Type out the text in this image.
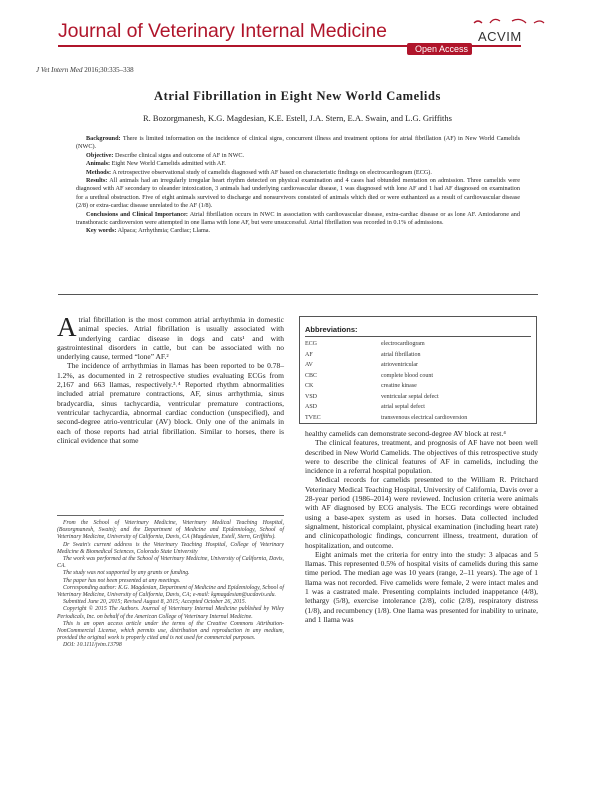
Journal of Veterinary Internal Medicine
Open Access
ACVIM
J Vet Intern Med 2016;30:335–338
Atrial Fibrillation in Eight New World Camelids
R. Bozorgmanesh, K.G. Magdesian, K.E. Estell, J.A. Stern, E.A. Swain, and L.G. Griffiths

Background: There is limited information on the incidence of clinical signs, concurrent illness and treatment options for atrial fibrillation (AF) in New World Camelids (NWC).

Objective: Describe clinical signs and outcome of AF in NWC.

Animals: Eight New World Camelids admitted with AF.

Methods: A retrospective observational study of camelids diagnosed with AF based on characteristic findings on electrocardiogram (ECG).

Results: All animals had an irregularly irregular heart rhythm detected on physical examination and 4 cases had obtunded mentation on admission. Three camelids were diagnosed with AF secondary to oleander intoxication, 3 animals had underlying cardiovascular disease, 1 was diagnosed with lone AF and 1 had AF diagnosed on examination for a urethral obstruction. Five of eight animals survived to discharge and nonsurvivors consisted of animals which died or were euthanized as a result of cardiovascular disease (2/8) or extra-cardiac disease unrelated to the AF (1/8).

Conclusions and Clinical Importance: Atrial fibrillation occurs in NWC in association with cardiovascular disease, extra-cardiac disease or as lone AF. Amiodarone and transthoracic cardioversion were attempted in one llama with lone AF, but were unsuccessful. Atrial fibrillation was recorded in 0.1% of admissions.

Key words: Alpaca; Arrhythmia; Cardiac; Llama.

Atrial fibrillation is the most common atrial arrhythmia in domestic animal species. Atrial fibrillation is usually associated with underlying cardiac disease in dogs and cats¹ and with gastrointestinal disorders in cattle, but can be associated with no underlying cause, termed “lone” AF.²

The incidence of arrhythmias in llamas has been reported to be 0.78–1.2%, as documented in 2 retrospective studies evaluating ECGs from 2,167 and 663 llamas, respectively.³˒⁴ Reported rhythm abnormalities included atrial premature contractions, AF, sinus arrhythmia, sinus bradycardia, sinus tachycardia, ventricular premature contractions, ventricular tachycardia, abnormal cardiac conduction (unspecified), and second-degree atrio-ventricular (AV) block. Only one of the animals in each of those reports had atrial fibrillation. Similar to horses, there is clinical evidence that some

Abbreviations:
ECG	electrocardiogram
AF	atrial fibrillation
AV	atrioventricular
CBC	complete blood count
CK	creatine kinase
VSD	ventricular septal defect
ASD	atrial septal defect
TVEC	transvenous electrical cardioversion

healthy camelids can demonstrate second-degree AV block at rest.⁴

The clinical features, treatment, and prognosis of AF have not been well described in New World Camelids. The objectives of this retrospective study were to describe the clinical features of AF in camelids, including the incidence in a referral hospital population.

Medical records for camelids presented to the William R. Pritchard Veterinary Medical Teaching Hospital, University of California, Davis over a 28-year period (1986–2014) were reviewed. Inclusion criteria were animals with AF diagnosed by ECG analysis. The ECG recordings were obtained using a base-apex system as used in horses. Data collected included signalment, historical complaint, physical examination (including heart rate) and clinicopathologic findings, concurrent illness, treatment, duration of hospitalization, and outcome.

Eight animals met the criteria for entry into the study: 3 alpacas and 5 llamas. This represented 0.5% of hospital visits of camelids during this same time period. The median age was 10 years (range, 2–11 years). The age of 1 llama was not recorded. Five camelids were female, 2 were intact males and 1 was a castrated male. Presenting complaints included inappetance (4/8), lethargy (5/8), exercise intolerance (2/8), colic (2/8), respiratory distress (1/8), and recumbency (1/8). One llama was presented for inability to urinate, and 1 llama was

From the School of Veterinary Medicine, Veterinary Medical Teaching Hospital, (Bozorgmanesh, Swain); and the Department of Medicine and Epidemiology, School of Veterinary Medicine, University of California, Davis, CA (Magdesian, Estell, Stern, Griffiths).

Dr Swain's current address is the Veterinary Teaching Hospital, College of Veterinary Medicine & Biomedical Sciences, Colorado State University

The work was performed at the School of Veterinary Medicine, University of California, Davis, CA.

The study was not supported by any grants or funding.

The paper has not been presented at any meetings.

Corresponding author: K.G. Magdesian, Department of Medicine and Epidemiology, School of Veterinary Medicine, University of California, Davis, CA; e-mail: kgmagdesian@ucdavis.edu.

Submitted June 20, 2015; Revised August 8, 2015; Accepted October 26, 2015.

Copyright © 2015 The Authors. Journal of Veterinary Internal Medicine published by Wiley Periodicals, Inc. on behalf of the American College of Veterinary Internal Medicine.

This is an open access article under the terms of the Creative Commons Attribution-NonCommercial License, which permits use, distribution and reproduction in any medium, provided the original work is properly cited and is not used for commercial purposes.

DOI: 10.1111/jvim.13798
